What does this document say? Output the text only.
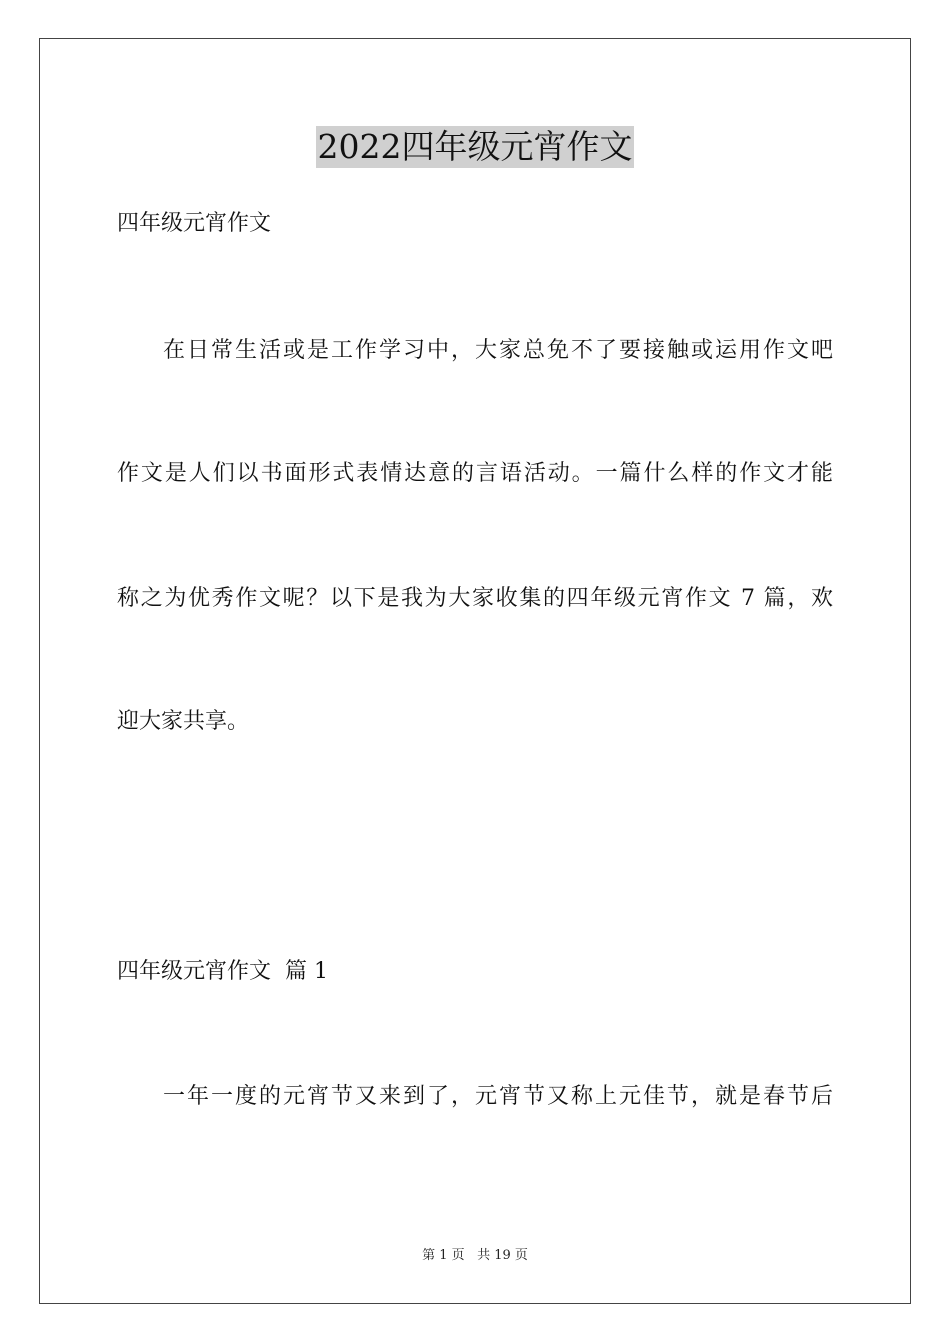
2022四年级元宵作文
四年级元宵作文
在日常生活或是工作学习中，大家总免不了要接触或运用作文吧
作文是人们以书面形式表情达意的言语活动。一篇什么样的作文才能
称之为优秀作文呢？以下是我为大家收集的四年级元宵作文 7 篇，欢
迎大家共享。
四年级元宵作文  篇 1
一年一度的元宵节又来到了，元宵节又称上元佳节，就是春节后
第 1 页 共 19 页
